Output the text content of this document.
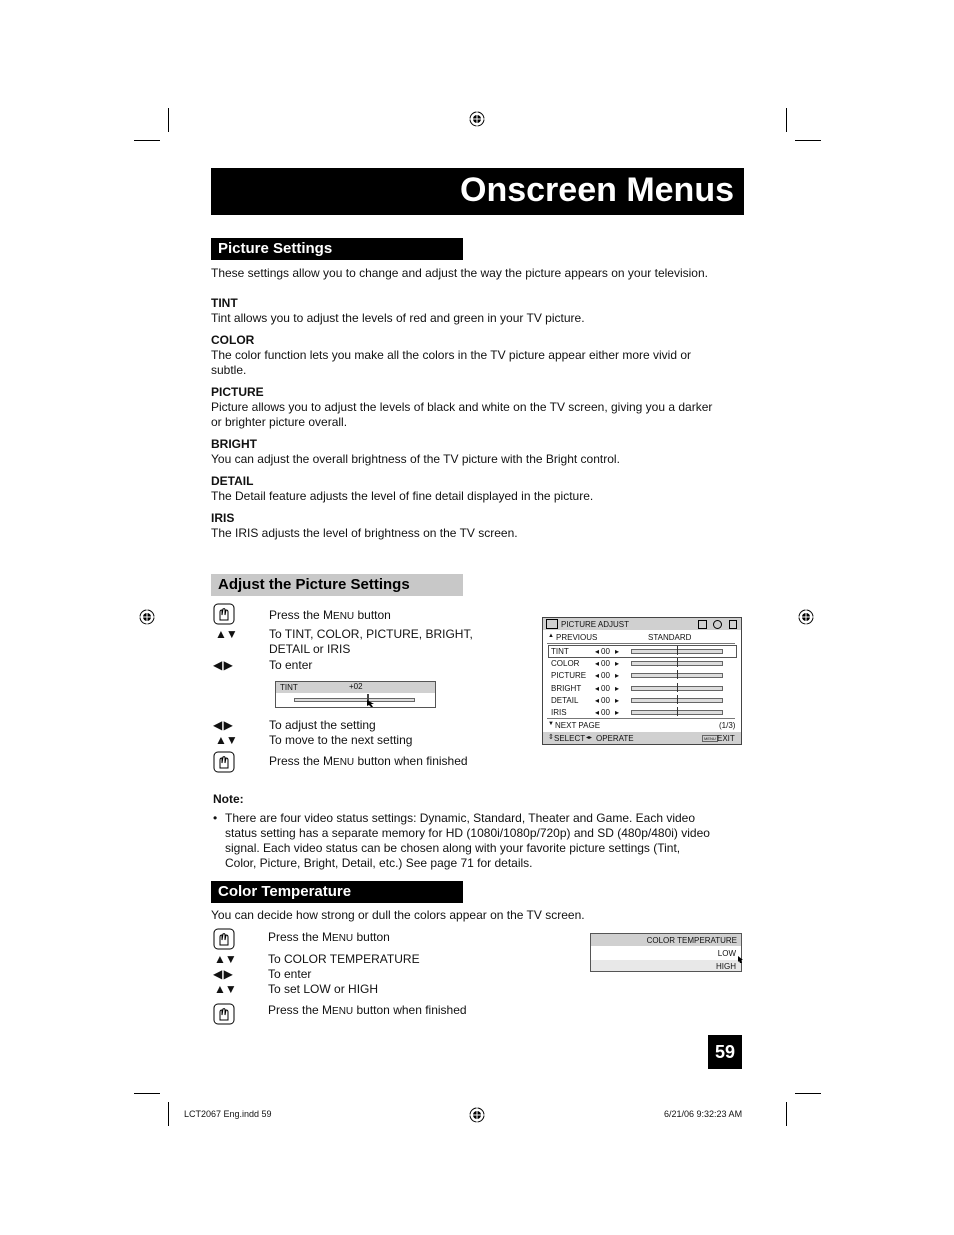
Onscreen Menus
Picture Settings
These settings allow you to change and adjust the way the picture appears on your television.
TINT
Tint allows you to adjust the levels of red and green in your TV picture.
COLOR
The color function lets you make all the colors in the TV picture appear either more vivid or
subtle.
PICTURE
Picture allows you to adjust the levels of black and white on the TV screen, giving you a darker
or brighter picture overall.
BRIGHT
You can adjust the overall brightness of the TV picture with the Bright control.
DETAIL
The Detail feature adjusts the level of fine detail displayed in the picture.
IRIS
The IRIS adjusts the level of brightness on the TV screen.
Adjust the Picture Settings
Press the MENU button
▲▼	To TINT, COLOR, PICTURE, BRIGHT,
DETAIL or IRIS
◀ ▶	To enter
TINT	+02
◀ ▶	To adjust the setting
▲▼	To move to the next setting
Press the MENU button when finished
PICTURE ADJUST
▲ PREVIOUS	STANDARD
TINT	◂ 00 ▸
COLOR ◂ 00 ▸
PICTURE ◂ 00 ▸
BRIGHT ◂ 00 ▸
DETAIL ◂ 00 ▸
IRIS	◂ 00 ▸
▼ NEXT PAGE	(1/3)
⇕ SELECT ◂▸ OPERATE	MENU EXIT
Note:
• There are four video status settings: Dynamic, Standard, Theater and Game. Each video
status setting has a separate memory for HD (1080i/1080p/720p) and SD (480p/480i) video
signal. Each video status can be chosen along with your favorite picture settings (Tint,
Color, Picture, Bright, Detail, etc.) See page 71 for details.
Color Temperature
You can decide how strong or dull the colors appear on the TV screen.
Press the MENU button
▲▼	To COLOR TEMPERATURE
◀ ▶	To enter
▲▼	To set LOW or HIGH
Press the MENU button when finished
COLOR TEMPERATURE
LOW
HIGH
59
LCT2067 Eng.indd 59	6/21/06 9:32:23 AM
